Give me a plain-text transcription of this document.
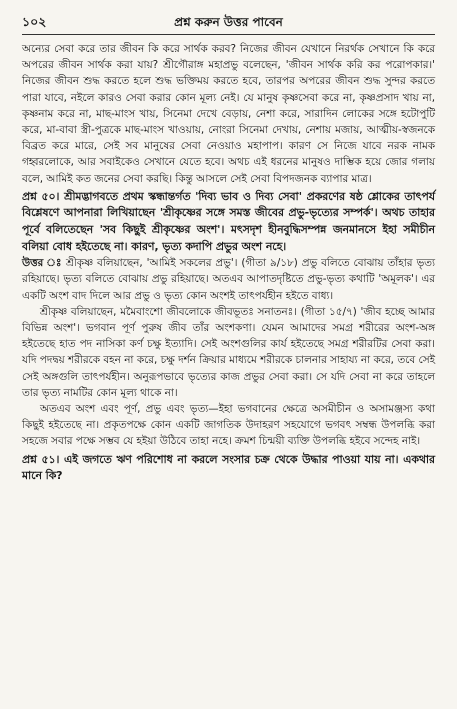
১০২	প্রশ্ন করুন উত্তর পাবেন

অন্যের সেবা করে তার জীবন কি করে সার্থক করব? নিজের জীবন যেখানে নিরর্থক সেখানে কি করে অপরের জীবন সার্থক করা যায়? শ্রীগৌরাঙ্গ মহাপ্রভু বলেছেন, 'জীবন সার্থক করি কর পরোপকার।' নিজের জীবন শুদ্ধ করতে হলে শুদ্ধ ভক্তিময় করতে হবে, তারপর অপরের জীবন শুদ্ধ সুন্দর করতে পারা যাবে, নইলে কারও সেবা করার কোন মূল্য নেই। যে মানুষ কৃষ্ণসেবা করে না, কৃষ্ণপ্রসাদ খায় না, কৃষ্ণনাম করে না, মাছ-মাংস খায়, সিনেমা দেখে বেড়ায়, নেশা করে, সারাদিন লোকের সঙ্গে হটোপুটি করে, মা-বাবা স্ত্রী-পুত্রকে মাছ-মাংস খাওয়ায়, নোংরা সিনেমা দেখায়, নেশায় মজায়, আত্মীয়-স্বজনকে বিব্রত করে মারে, সেই সব মানুষের সেবা নেওয়াও মহাপাপ। কারণ সে নিজে যাবে নরক নামক গহ্বরলোকে, আর সবাইকেও সেখানে যেতে হবে। অথচ এই ধরনের মানুষও দাম্ভিক হয়ে জোর গলায় বলে, আমিই কত জনের সেবা করছি। কিন্তু আসলে সেই সেবা বিপদজনক ব্যাপার মাত্র।

প্রশ্ন ৫০। শ্রীমদ্ভাগবতে প্রথম স্কন্ধান্তর্গত 'দিব্য ভাব ও দিব্য সেবা' প্রকরণের ষষ্ঠ শ্লোকের তাৎপর্য বিশ্লেষণে আপনারা লিখিয়াছেন 'শ্রীকৃষ্ণের সঙ্গে সমস্ত জীবের প্রভু-ভৃত্যের সম্পর্ক'। অথচ তাহার পূর্বে বলিতেছেন 'সব কিছুই শ্রীকৃষ্ণের অংশ'। মৎসদৃশ হীনবুদ্ধিসম্পন্ন জনমানসে ইহা সমীচীন বলিয়া বোধ হইতেছে না। কারণ, ভৃত্য কদাপি প্রভুর অংশ নহে।

উত্তর ঃ শ্রীকৃষ্ণ বলিয়াছেন, 'আমিই সকলের প্রভু'। (গীতা ৯/১৮) প্রভু বলিতে বোঝায় তাঁহার ভৃত্য রহিয়াছে। ভৃত্য বলিতে বোঝায় প্রভু রহিয়াছে। অতএব আপাতদৃষ্টিতে প্রভু-ভৃত্য কথাটি 'অমূলক'। এর একটি অংশ বাদ দিলে আর প্রভু ও ভৃত্য কোন অংশই তাৎপর্যহীন হইতে বাধ্য।

শ্রীকৃষ্ণ বলিয়াছেন, মমৈবাংশো জীবলোকে জীবভূতঃ সনাতনঃ। (গীতা ১৫/৭) 'জীব হচ্ছে আমার বিভিন্ন অংশ'। ভগবান পূর্ণ পুরুষ জীব তাঁর অংশকণা। যেমন আমাদের সমগ্র শরীরের অংশ-অঙ্গ হইতেছে হাত পদ নাসিকা কর্ণ চক্ষু ইত্যাদি। সেই অংশগুলির কার্য হইতেছে সমগ্র শরীরটির সেবা করা। যদি পদদ্বয় শরীরকে বহন না করে, চক্ষু দর্শন ক্রিয়ার মাধ্যমে শরীরকে চালনার সাহায্য না করে, তবে সেই সেই অঙ্গগুলি তাৎপর্যহীন। অনুরূপভাবে ভৃত্যের কাজ প্রভুর সেবা করা। সে যদি সেবা না করে তাহলে তার ভৃত্য নামটির কোন মূল্য থাকে না।

অতএব অংশ এবং পূর্ণ, প্রভু এবং ভৃত্য—ইহা ভগবানের ক্ষেত্রে অসমীচীন ও অসামঞ্জস্য কথা কিছুই হইতেছে না। প্রকৃতপক্ষে কোন একটি জাগতিক উদাহরণ সহযোগে ভগবৎ সম্বন্ধ উপলব্ধি করা সহজে সবার পক্ষে সম্ভব যে হইয়া উঠিবে তাহা নহে। ক্রমশ চিন্ময়ী ব্যক্তি উপলব্ধি হইবে সন্দেহ নাই।

প্রশ্ন ৫১। এই জগতে ঋণ পরিশোধ না করলে সংসার চক্র থেকে উদ্ধার পাওয়া যায় না। একথার মানে কি?
